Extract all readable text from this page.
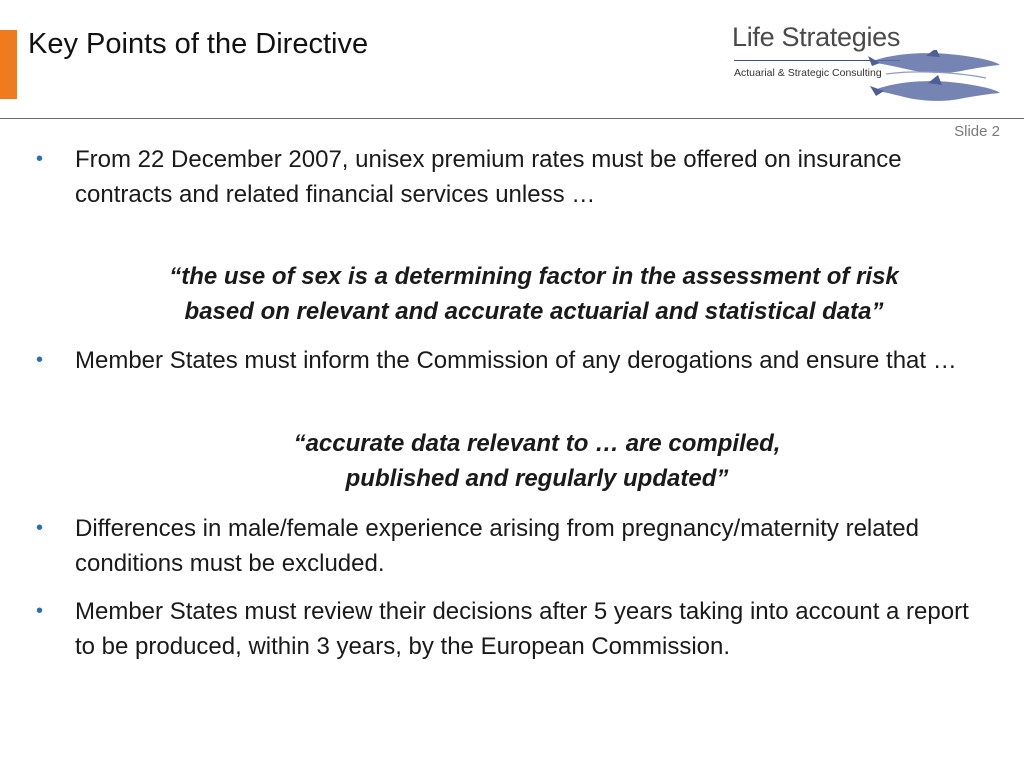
Key Points of the Directive	Life Strategies
Actuarial & Strategic Consulting
Slide 2
• From 22 December 2007, unisex premium rates must be offered on insurance contracts and related financial services unless …
“the use of sex is a determining factor in the assessment of risk
based on relevant and accurate actuarial and statistical data”
• Member States must inform the Commission of any derogations and ensure that …
“accurate data relevant to … are compiled,
published and regularly updated”
• Differences in male/female experience arising from pregnancy/maternity related conditions must be excluded.
• Member States must review their decisions after 5 years taking into account a report to be produced, within 3 years, by the European Commission.
